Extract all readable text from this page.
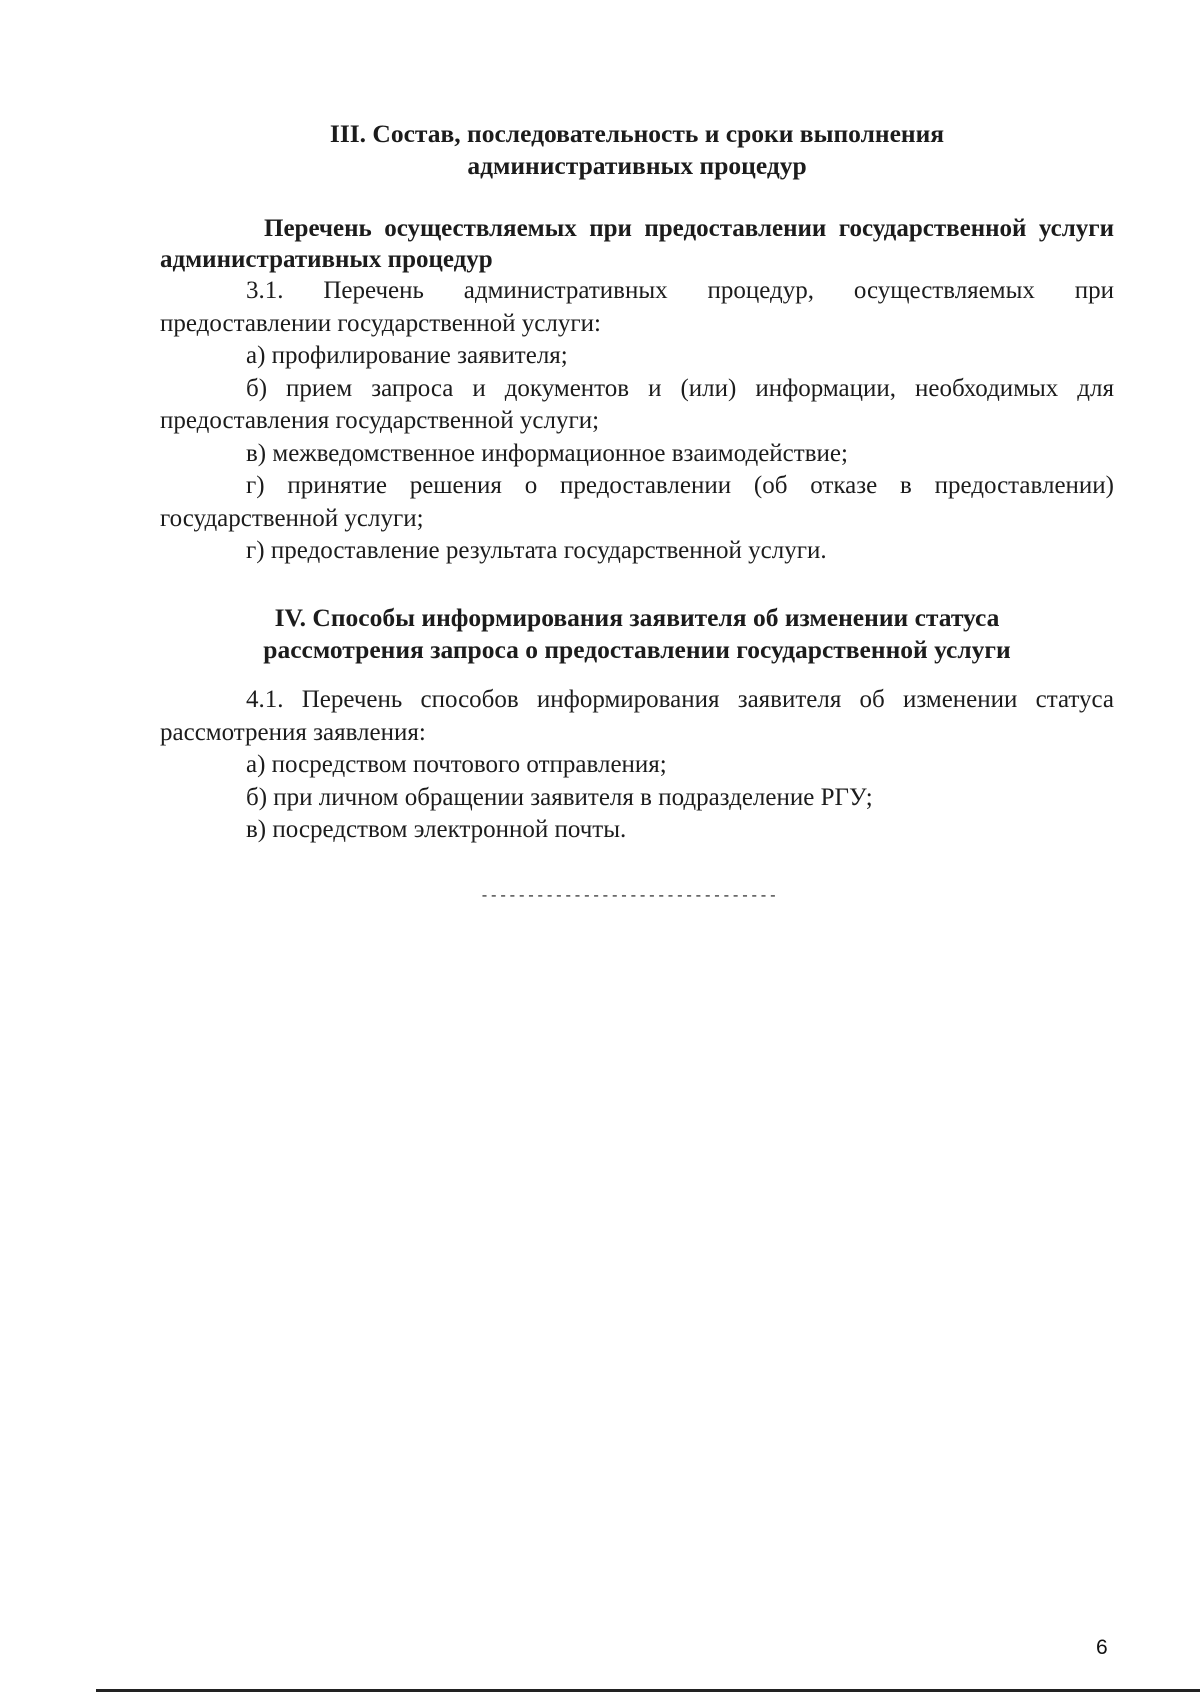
III. Состав, последовательность и сроки выполнения
административных процедур

Перечень осуществляемых при предоставлении государственной услуги административных процедур

3.1. Перечень административных процедур, осуществляемых при предоставлении государственной услуги:

а) профилирование заявителя;

б) прием запроса и документов и (или) информации, необходимых для предоставления государственной услуги;

в) межведомственное информационное взаимодействие;

г) принятие решения о предоставлении (об отказе в предоставлении) государственной услуги;

г) предоставление результата государственной услуги.

IV. Способы информирования заявителя об изменении статуса
рассмотрения запроса о предоставлении государственной услуги

4.1. Перечень способов информирования заявителя об изменении статуса рассмотрения заявления:

а) посредством почтового отправления;

б) при личном обращении заявителя в подразделение РГУ;

в) посредством электронной почты.

--------------------------------
6
